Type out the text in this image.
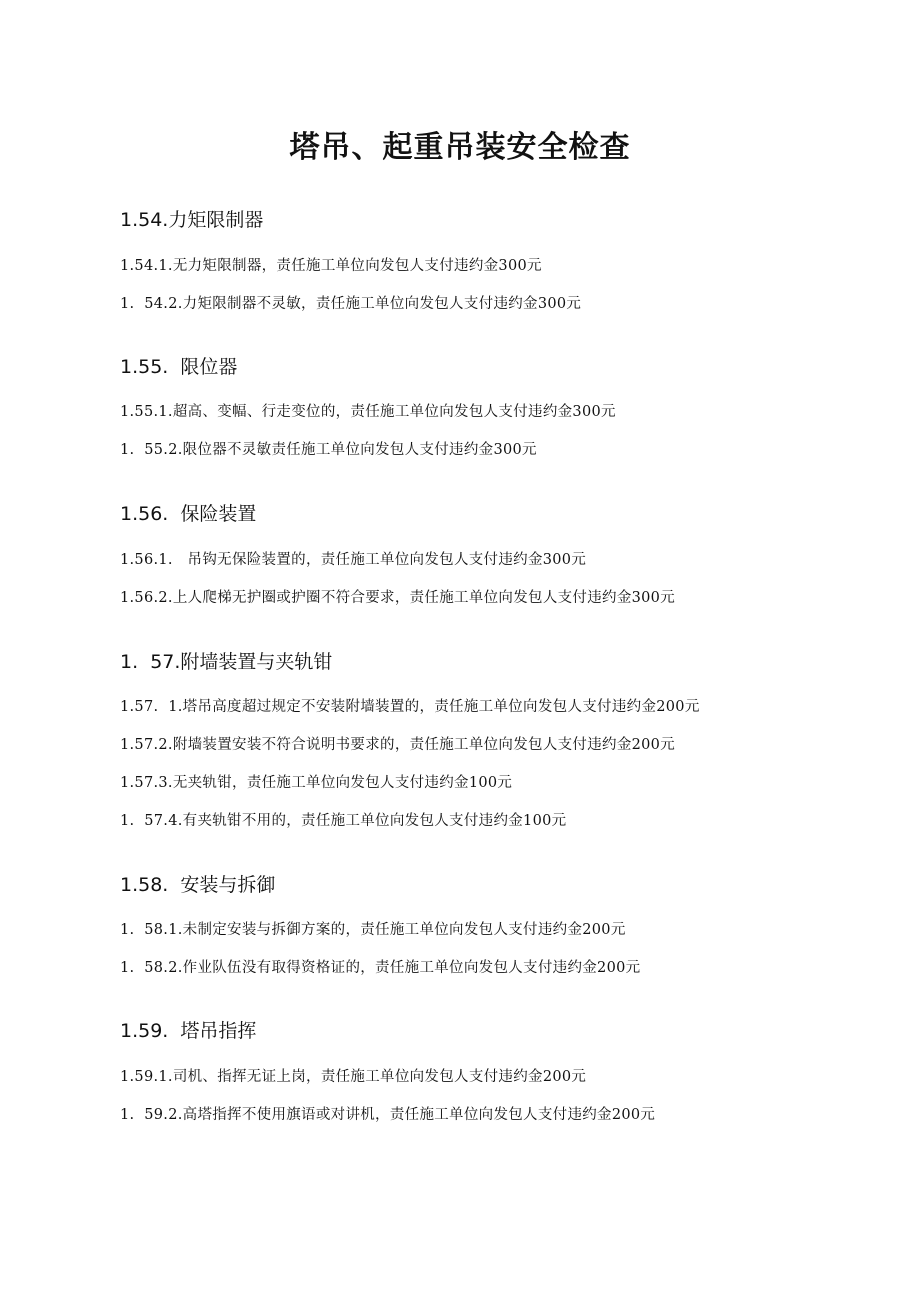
塔吊、起重吊装安全检查
1.54.力矩限制器
1.54.1.无力矩限制器，责任施工单位向发包人支付违约金300元
1.  54.2.力矩限制器不灵敏，责任施工单位向发包人支付违约金300元
1.55.  限位器
1.55.1.超高、变幅、行走变位的，责任施工单位向发包人支付违约金300元
1.  55.2.限位器不灵敏责任施工单位向发包人支付违约金300元
1.56.  保险装置
1.56.1.   吊钩无保险装置的，责任施工单位向发包人支付违约金300元
1.56.2.上人爬梯无护圈或护圈不符合要求，责任施工单位向发包人支付违约金300元
1.  57.附墙装置与夹轨钳
1.57.  1.塔吊高度超过规定不安装附墙装置的，责任施工单位向发包人支付违约金200元
1.57.2.附墙装置安装不符合说明书要求的，责任施工单位向发包人支付违约金200元
1.57.3.无夹轨钳，责任施工单位向发包人支付违约金100元
1.  57.4.有夹轨钳不用的，责任施工单位向发包人支付违约金100元
1.58.  安装与拆御
1.  58.1.未制定安装与拆御方案的，责任施工单位向发包人支付违约金200元
1.  58.2.作业队伍没有取得资格证的，责任施工单位向发包人支付违约金200元
1.59.  塔吊指挥
1.59.1.司机、指挥无证上岗，责任施工单位向发包人支付违约金200元
1.  59.2.高塔指挥不使用旗语或对讲机，责任施工单位向发包人支付违约金200元
